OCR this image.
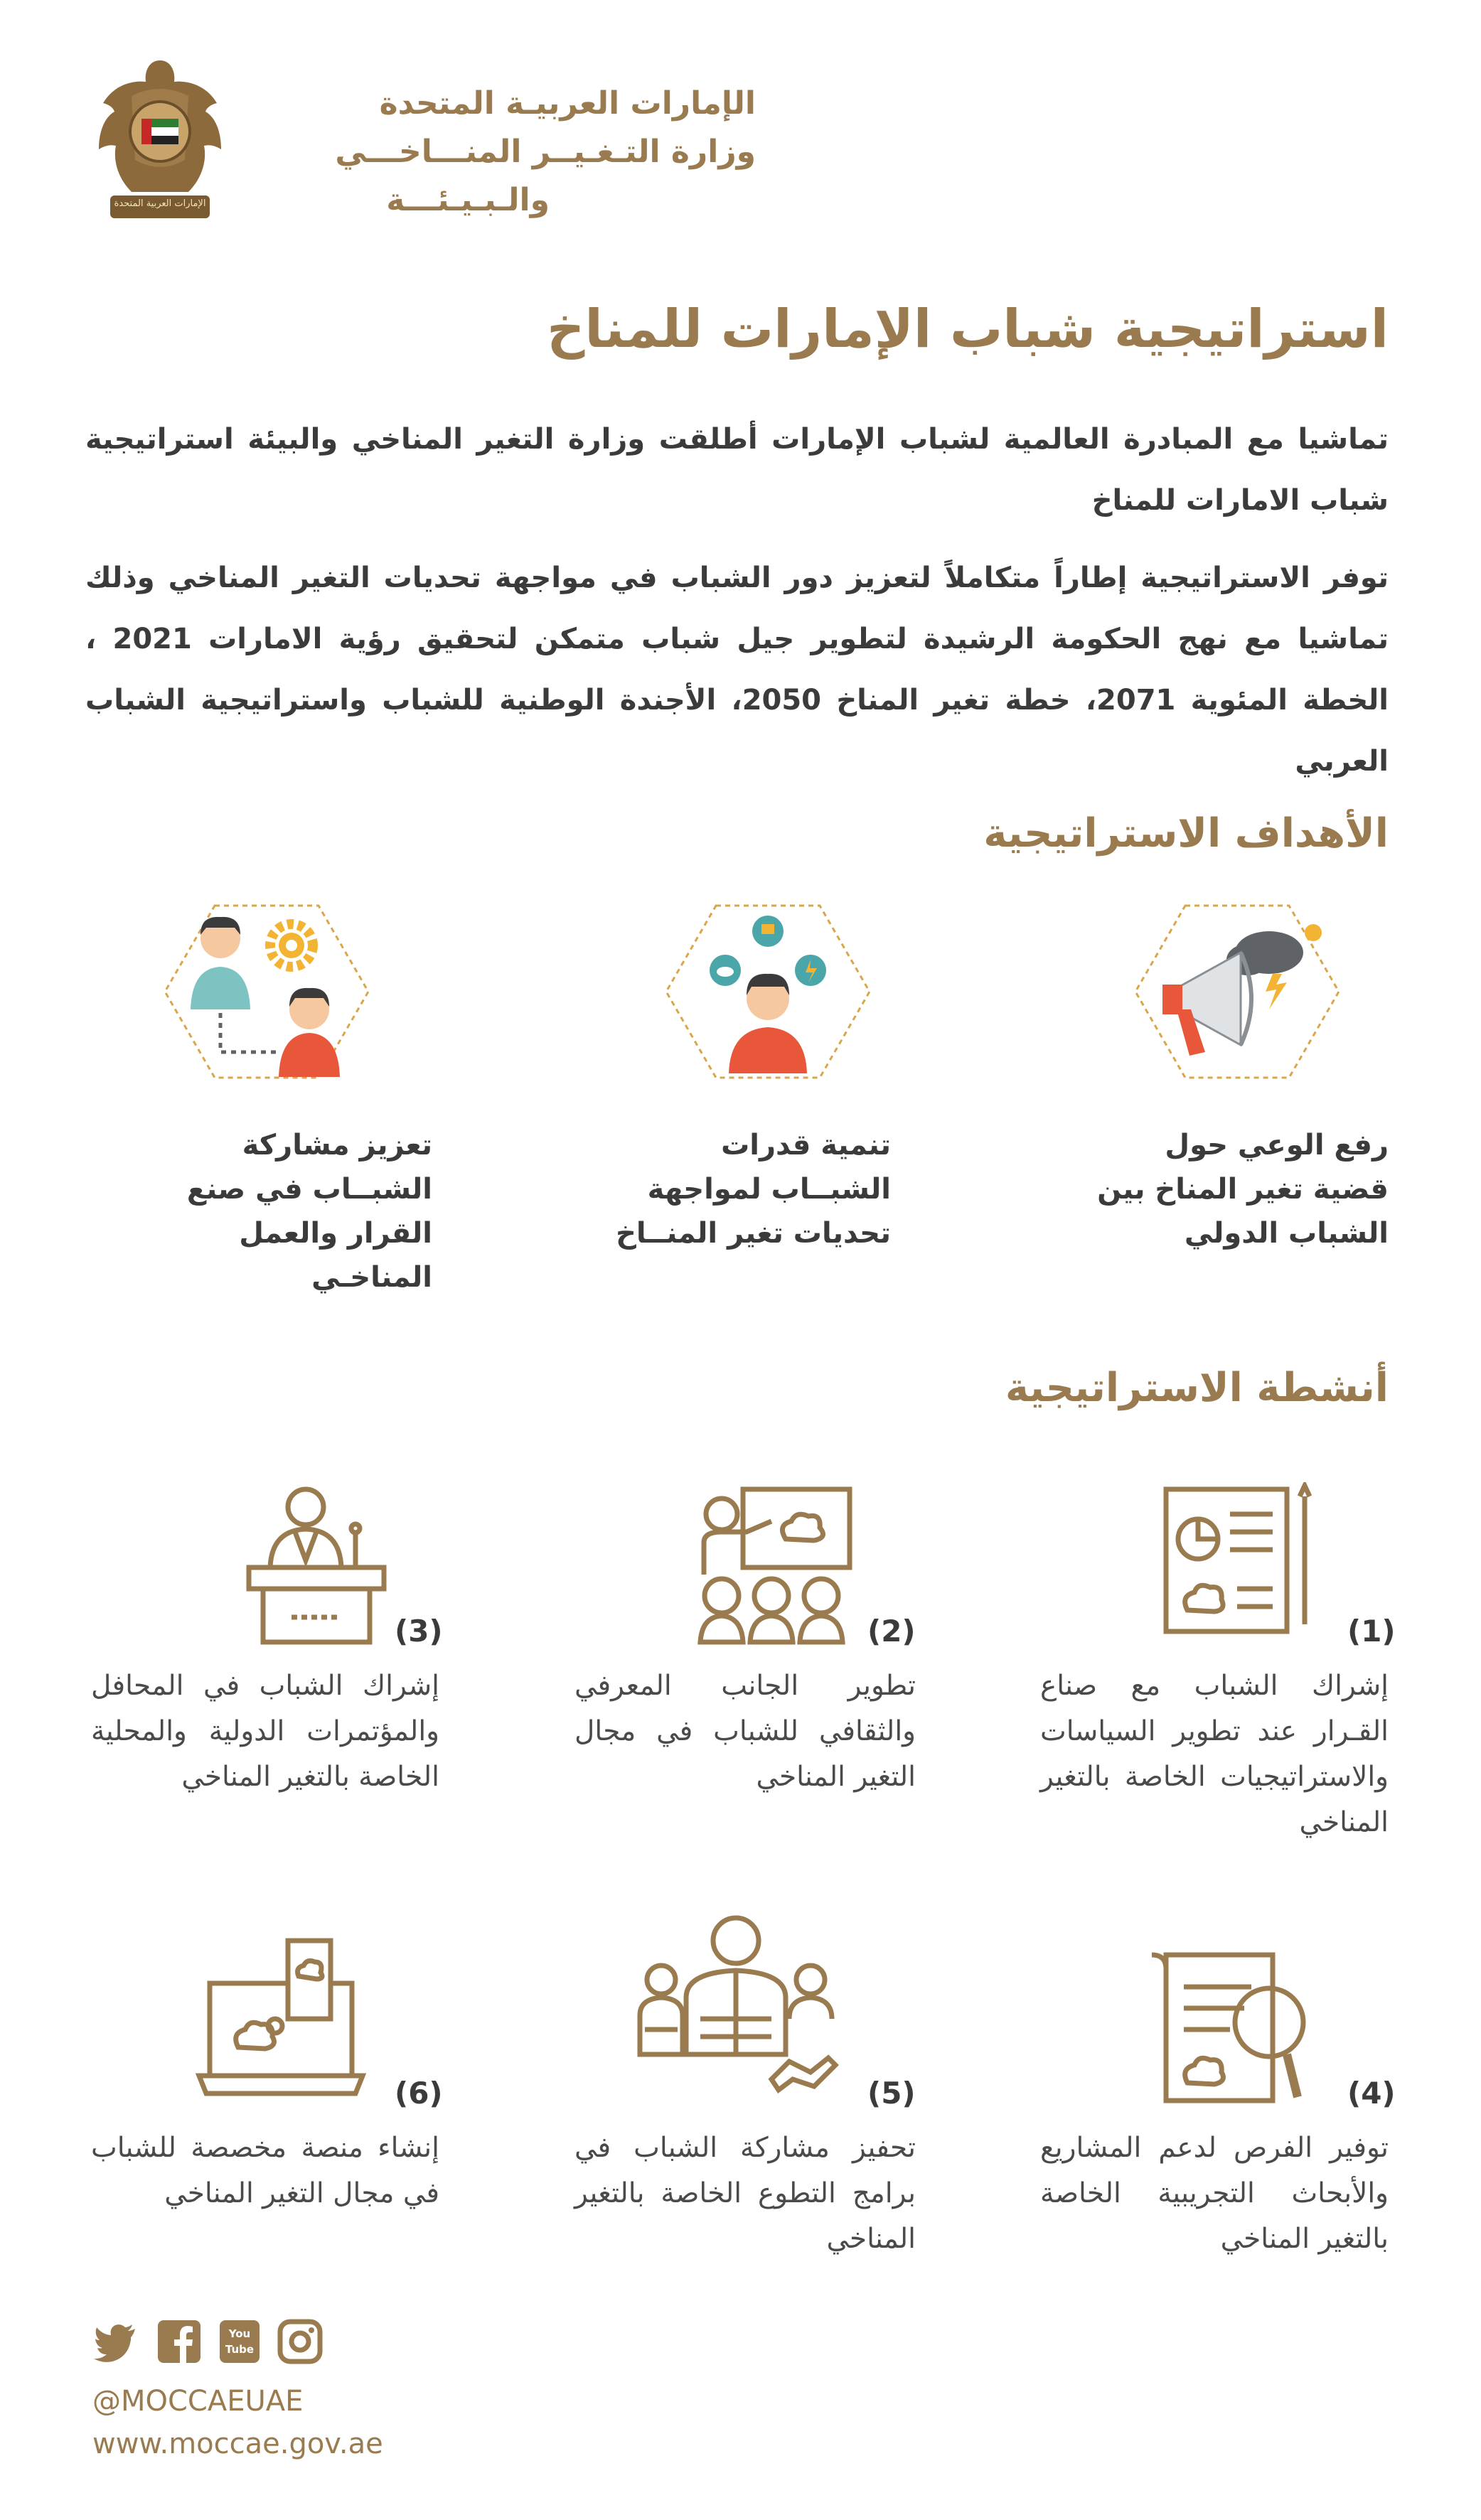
الإمارات العربية المتحدة
الإمارات العربيـة المتحدة
وزارة التـغـيــر المنـــاخـــي
والـبـيـئـــة
استراتيجية شباب الإمارات للمناخ
تماشيا مع المبادرة العالمية لشباب الإمارات أطلقت وزارة التغير المناخي والبيئة استراتيجية شباب الامارات للمناخ
توفر الاستراتيجية إطاراً متكاملاً لتعزيز دور الشباب في مواجهة تحديات التغير المناخي وذلك تماشيا مع نهج الحكومة الرشيدة لتطوير جيل شباب متمكن لتحقيق رؤية الامارات 2021 ، الخطة المئوية 2071، خطة تغير المناخ 2050، الأجندة الوطنية للشباب واستراتيجية الشباب العربي
الأهداف الاستراتيجية
رفع الوعي حول قضية تغير المناخ بين الشباب الدولي
تنمية قدرات الشبــاب لمواجهة تحديات تغير المنــاخ
تعزيز مشاركة الشبــاب في صنع القرار والعمل المناخـي
أنشطة الاستراتيجية
(1)
(2)
(3)
إشراك الشباب مع صناع القـرار عند تطوير السياسات والاستراتيجيات الخاصة بالتغير المناخي
تطوير الجانب المعرفي والثقافي للشباب في مجال التغير المناخي
إشراك الشباب في المحافل والمؤتمرات الدولية والمحلية الخاصة بالتغير المناخي
(4)
(5)
(6)
توفير الفرص لدعم المشاريع والأبحاث التجريبية الخاصة بالتغير المناخي
تحفيز مشاركة الشباب في برامج التطوع الخاصة بالتغير المناخي
إنشاء منصة مخصصة للشباب في مجال التغير المناخي
You Tube
@MOCCAEUAE
www.moccae.gov.ae
